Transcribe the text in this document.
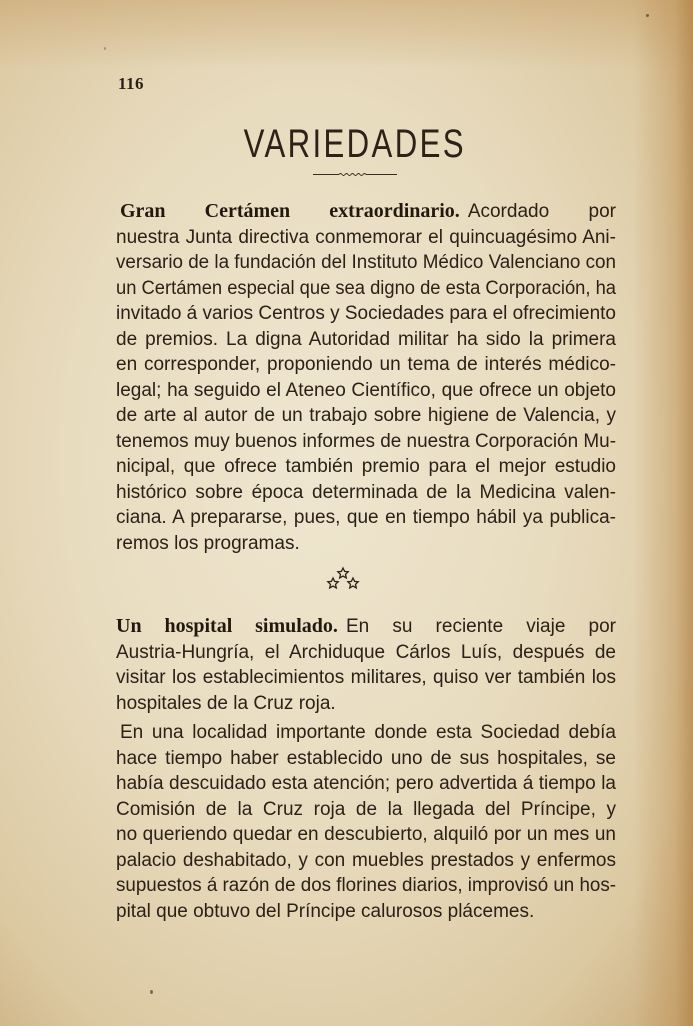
116
VARIEDADES
Gran Certámen extraordinario. Acordado por
nuestra Junta directiva conmemorar el quincuagésimo Ani-
versario de la fundación del Instituto Médico Valenciano con
un Certámen especial que sea digno de esta Corporación, ha
invitado á varios Centros y Sociedades para el ofrecimiento
de premios. La digna Autoridad militar ha sido la primera
en corresponder, proponiendo un tema de interés médico-
legal; ha seguido el Ateneo Científico, que ofrece un objeto
de arte al autor de un trabajo sobre higiene de Valencia, y
tenemos muy buenos informes de nuestra Corporación Mu-
nicipal, que ofrece también premio para el mejor estudio
histórico sobre época determinada de la Medicina valen-
ciana. A prepararse, pues, que en tiempo hábil ya publica-
remos los programas.
Un hospital simulado. En su reciente viaje por
Austria-Hungría, el Archiduque Cárlos Luís, después de
visitar los establecimientos militares, quiso ver también los
hospitales de la Cruz roja.
En una localidad importante donde esta Sociedad debía
hace tiempo haber establecido uno de sus hospitales, se
había descuidado esta atención; pero advertida á tiempo la
Comisión de la Cruz roja de la llegada del Príncipe, y
no queriendo quedar en descubierto, alquiló por un mes un
palacio deshabitado, y con muebles prestados y enfermos
supuestos á razón de dos florines diarios, improvisó un hos-
pital que obtuvo del Príncipe calurosos plácemes.
